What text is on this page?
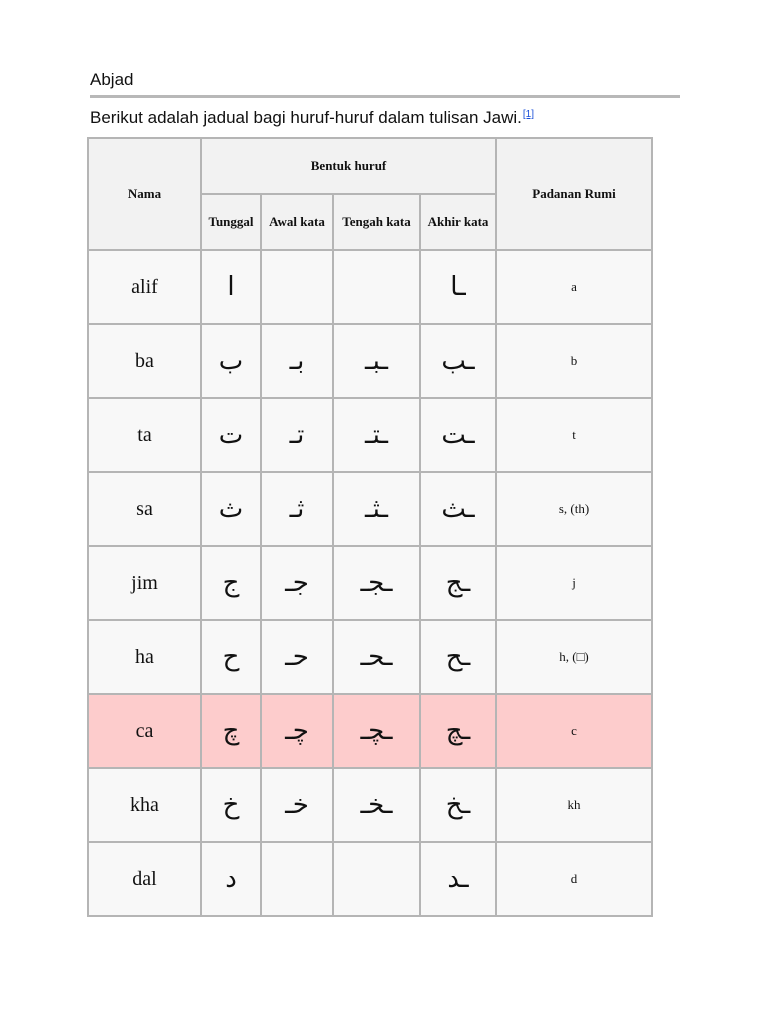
Abjad
Berikut adalah jadual bagi huruf-huruf dalam tulisan Jawi.[1]
Nama	Bentuk huruf				Padanan Rumi
	Tunggal	Awal kata	Tengah kata	Akhir kata	
alif	ا			ـا	a
ba	ب	بـ	ـبـ	ـب	b
ta	ت	تـ	ـتـ	ـت	t
sa	ث	ثـ	ـثـ	ـث	s, (th)
jim	ج	جـ	ـجـ	ـج	j
ha	ح	حـ	ـحـ	ـح	h, (□)
ca	چ	چـ	ـچـ	ـچ	c
kha	خ	خـ	ـخـ	ـخ	kh
dal	د			ـد	d
